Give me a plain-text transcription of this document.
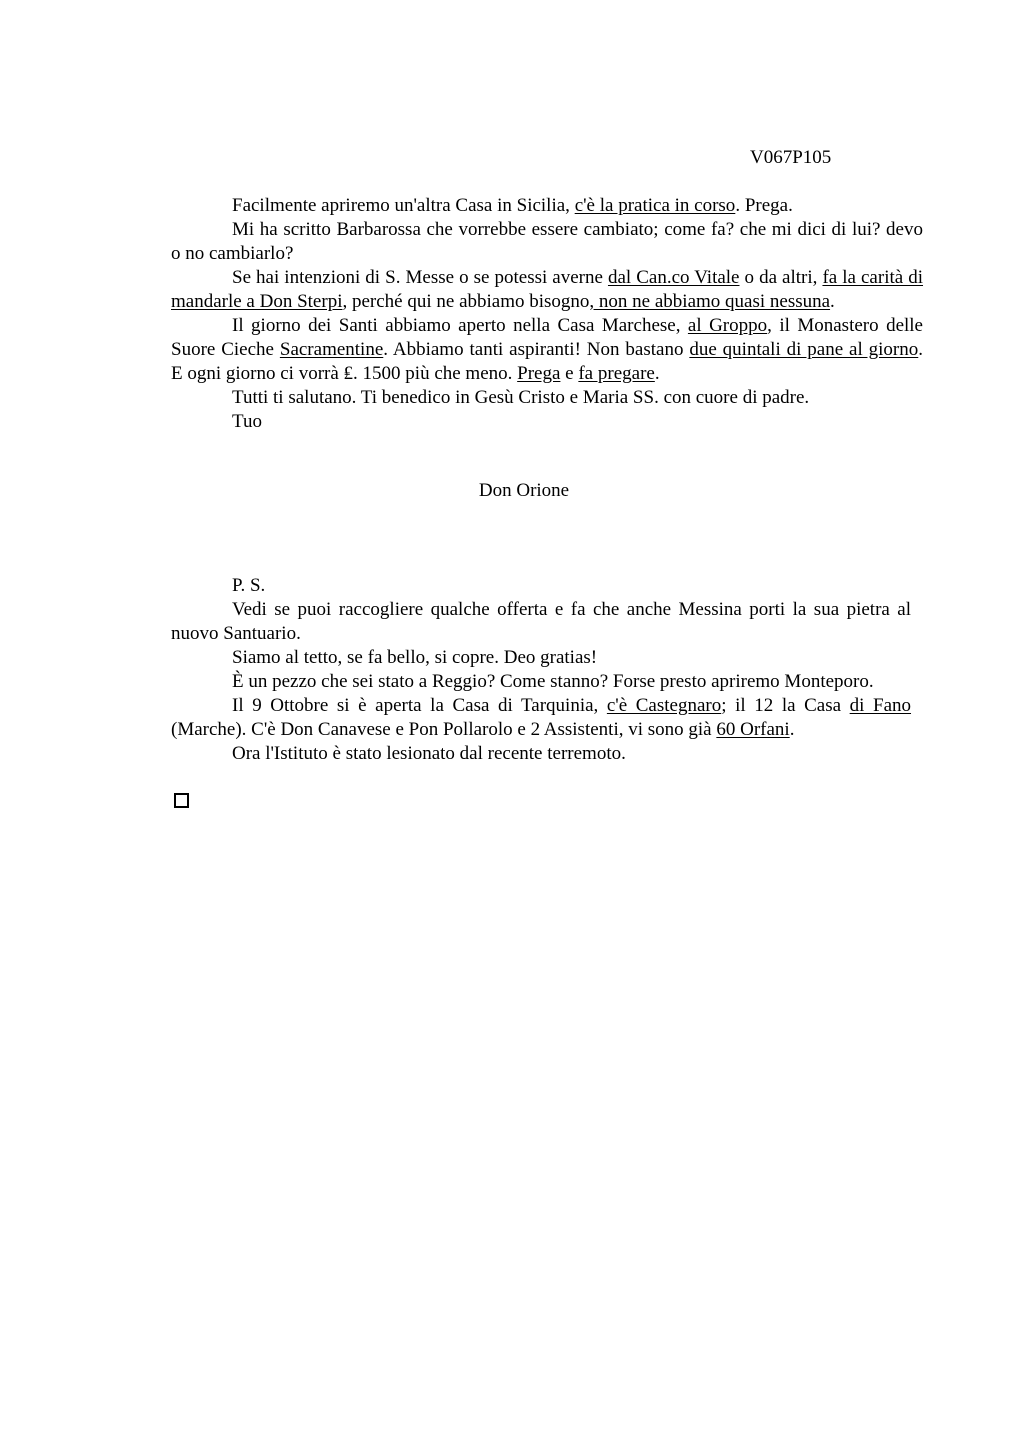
V067P105

Facilmente apriremo un'altra Casa in Sicilia, c'è la pratica in corso. Prega.

Mi ha scritto Barbarossa che vorrebbe essere cambiato; come fa? che mi dici di lui? devo o no cambiarlo?

Se hai intenzioni di S. Messe o se potessi averne dal Can.co Vitale o da altri, fa la carità di mandarle a Don Sterpi, perché qui ne abbiamo bisogno, non ne abbiamo quasi nessuna.

Il giorno dei Santi abbiamo aperto nella Casa Marchese, al Groppo, il Monastero delle Suore Cieche Sacramentine. Abbiamo tanti aspiranti! Non bastano due quintali di pane al giorno. E ogni giorno ci vorrà ₤. 1500 più che meno. Prega e fa pregare.

Tutti ti salutano. Ti benedico in Gesù Cristo e Maria SS. con cuore di padre.

Tuo

Don Orione

P. S.

Vedi se puoi raccogliere qualche offerta e fa che anche Messina porti la sua pietra al nuovo Santuario.

Siamo al tetto, se fa bello, si copre. Deo gratias!

È un pezzo che sei stato a Reggio? Come stanno? Forse presto apriremo Monteporo.

Il 9 Ottobre si è aperta la Casa di Tarquinia, c'è Castegnaro; il 12 la Casa di Fano (Marche). C'è Don Canavese e Pon Pollarolo e 2 Assistenti, vi sono già 60 Orfani.

Ora l'Istituto è stato lesionato dal recente terremoto.
